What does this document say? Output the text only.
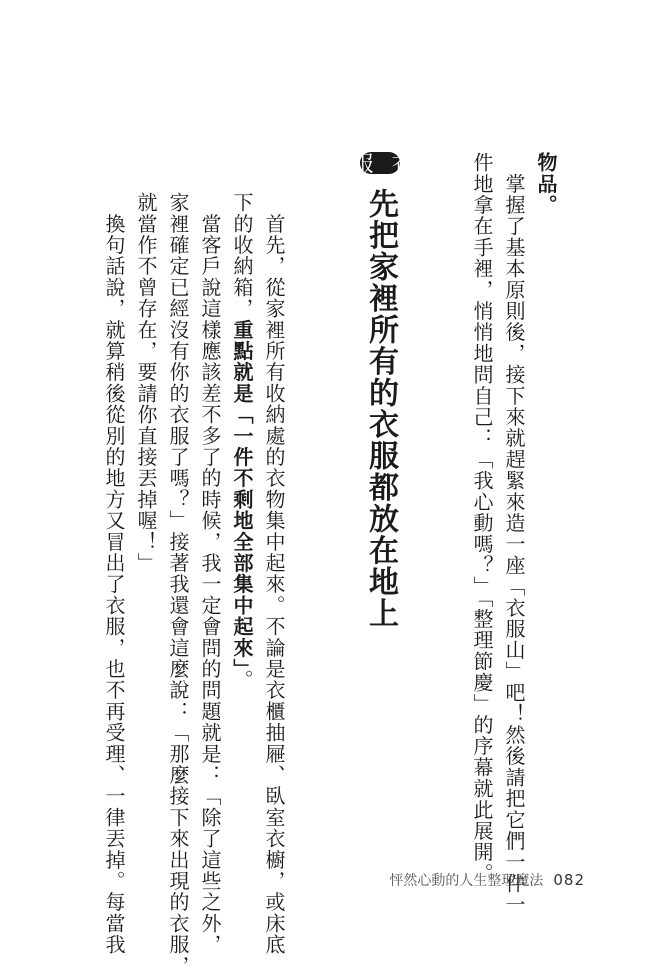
物品。
　掌握了基本原則後，接下來就趕緊來造一座「衣服山」吧！然後請把它們一件一
件地拿在手裡，悄悄地問自己：「我心動嗎？」「整理節慶」的序幕就此展開。
衣服
先把家裡所有的衣服都放在地上
　首先，從家裡所有收納處的衣物集中起來。不論是衣櫃抽屜、臥室衣櫥，或床底
下的收納箱，重點就是「一件不剩地全部集中起來」。
　當客戶說這樣應該差不多了的時候，我一定會問的問題就是：「除了這些之外，
家裡確定已經沒有你的衣服了嗎？」接著我還會這麼說：「那麼接下來出現的衣服，
就當作不曾存在，要請你直接丟掉喔！」
　換句話說，就算稍後從別的地方又冒出了衣服，也不再受理、一律丟掉。每當我	怦然心動的人生整理魔法 082
